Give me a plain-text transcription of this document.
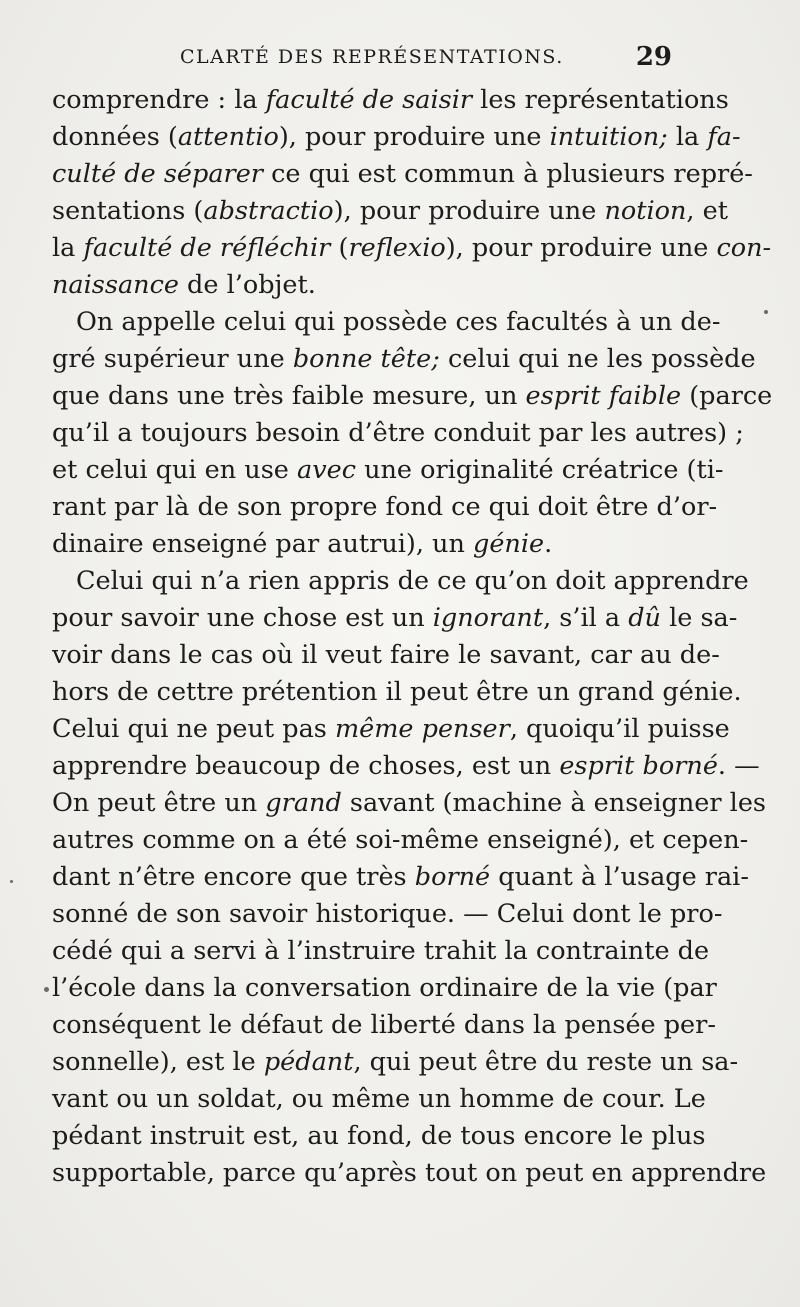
CLARTÉ DES REPRÉSENTATIONS.	29
comprendre : la faculté de saisir les représentations
données (attentio), pour produire une intuition; la fa-
culté de séparer ce qui est commun à plusieurs repré-
sentations (abstractio), pour produire une notion, et
la faculté de réfléchir (reflexio), pour produire une con-
naissance de l’objet.
On appelle celui qui possède ces facultés à un de-
gré supérieur une bonne tête; celui qui ne les possède
que dans une très faible mesure, un esprit faible (parce
qu’il a toujours besoin d’être conduit par les autres) ;
et celui qui en use avec une originalité créatrice (ti-
rant par là de son propre fond ce qui doit être d’or-
dinaire enseigné par autrui), un génie.
Celui qui n’a rien appris de ce qu’on doit apprendre
pour savoir une chose est un ignorant, s’il a dû le sa-
voir dans le cas où il veut faire le savant, car au de-
hors de cettre prétention il peut être un grand génie.
Celui qui ne peut pas même penser, quoiqu’il puisse
apprendre beaucoup de choses, est un esprit borné. —
On peut être un grand savant (machine à enseigner les
autres comme on a été soi-même enseigné), et cepen-
dant n’être encore que très borné quant à l’usage rai-
sonné de son savoir historique. — Celui dont le pro-
cédé qui a servi à l’instruire trahit la contrainte de
l’école dans la conversation ordinaire de la vie (par
conséquent le défaut de liberté dans la pensée per-
sonnelle), est le pédant, qui peut être du reste un sa-
vant ou un soldat, ou même un homme de cour. Le
pédant instruit est, au fond, de tous encore le plus
supportable, parce qu’après tout on peut en apprendre
